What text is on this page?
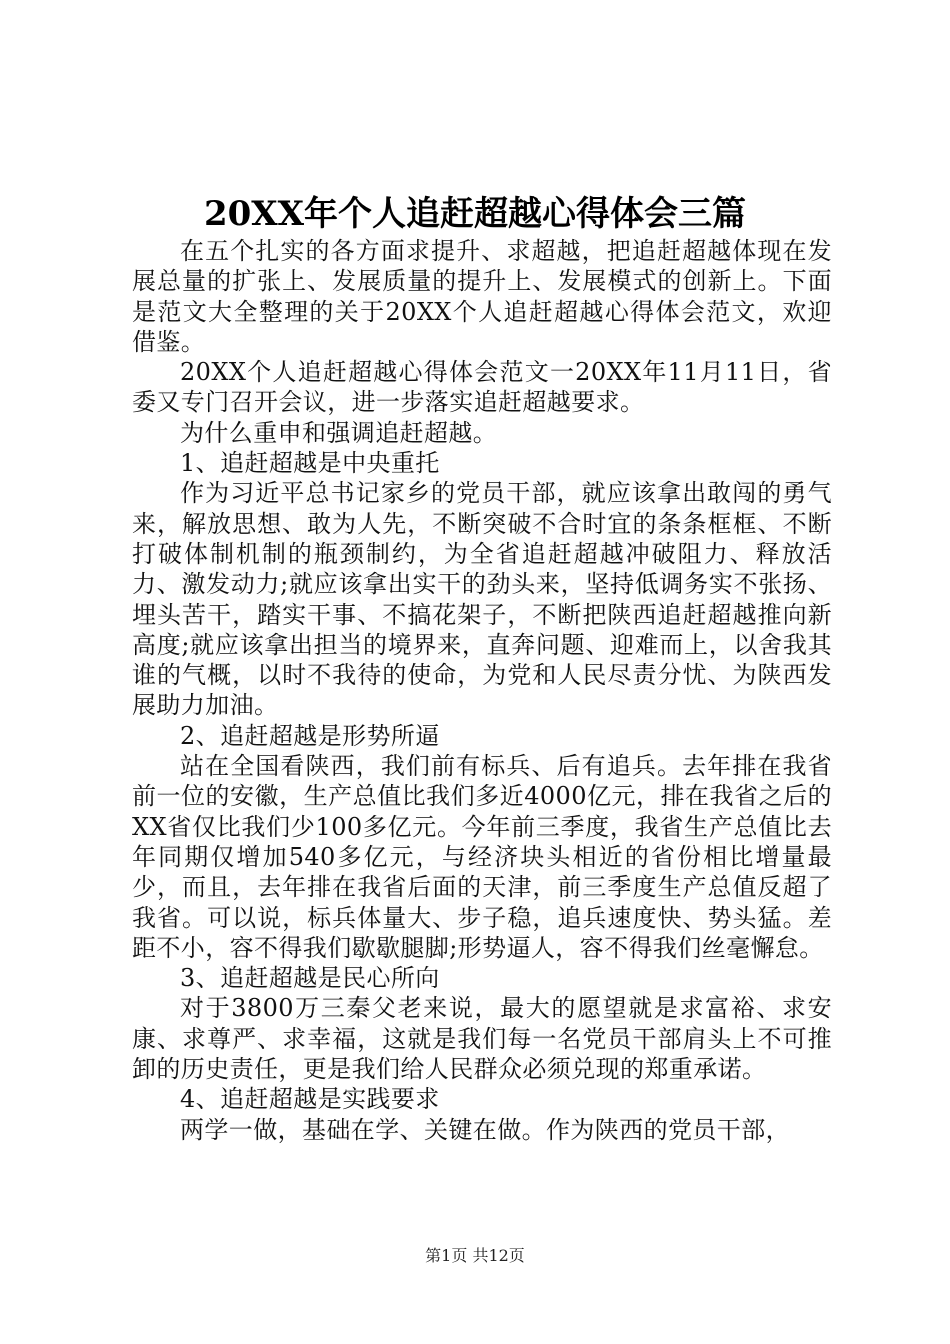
20XX年个人追赶超越心得体会三篇

在五个扎实的各方面求提升、求超越，把追赶超越体现在发展总量的扩张上、发展质量的提升上、发展模式的创新上。下面是范文大全整理的关于20XX个人追赶超越心得体会范文，欢迎借鉴。

20XX个人追赶超越心得体会范文一20XX年11月11日，省委又专门召开会议，进一步落实追赶超越要求。

为什么重申和强调追赶超越。

1、追赶超越是中央重托

作为习近平总书记家乡的党员干部，就应该拿出敢闯的勇气来，解放思想、敢为人先，不断突破不合时宜的条条框框、不断打破体制机制的瓶颈制约，为全省追赶超越冲破阻力、释放活力、激发动力;就应该拿出实干的劲头来，坚持低调务实不张扬、埋头苦干，踏实干事、不搞花架子，不断把陕西追赶超越推向新高度;就应该拿出担当的境界来，直奔问题、迎难而上，以舍我其谁的气概，以时不我待的使命，为党和人民尽责分忧、为陕西发展助力加油。

2、追赶超越是形势所逼

站在全国看陕西，我们前有标兵、后有追兵。去年排在我省前一位的安徽，生产总值比我们多近4000亿元，排在我省之后的XX省仅比我们少100多亿元。今年前三季度，我省生产总值比去年同期仅增加540多亿元，与经济块头相近的省份相比增量最少，而且，去年排在我省后面的天津，前三季度生产总值反超了我省。可以说，标兵体量大、步子稳，追兵速度快、势头猛。差距不小，容不得我们歇歇腿脚;形势逼人，容不得我们丝毫懈怠。

3、追赶超越是民心所向

对于3800万三秦父老来说，最大的愿望就是求富裕、求安康、求尊严、求幸福，这就是我们每一名党员干部肩头上不可推卸的历史责任，更是我们给人民群众必须兑现的郑重承诺。

4、追赶超越是实践要求

两学一做，基础在学、关键在做。作为陕西的党员干部，

第1页 共12页
